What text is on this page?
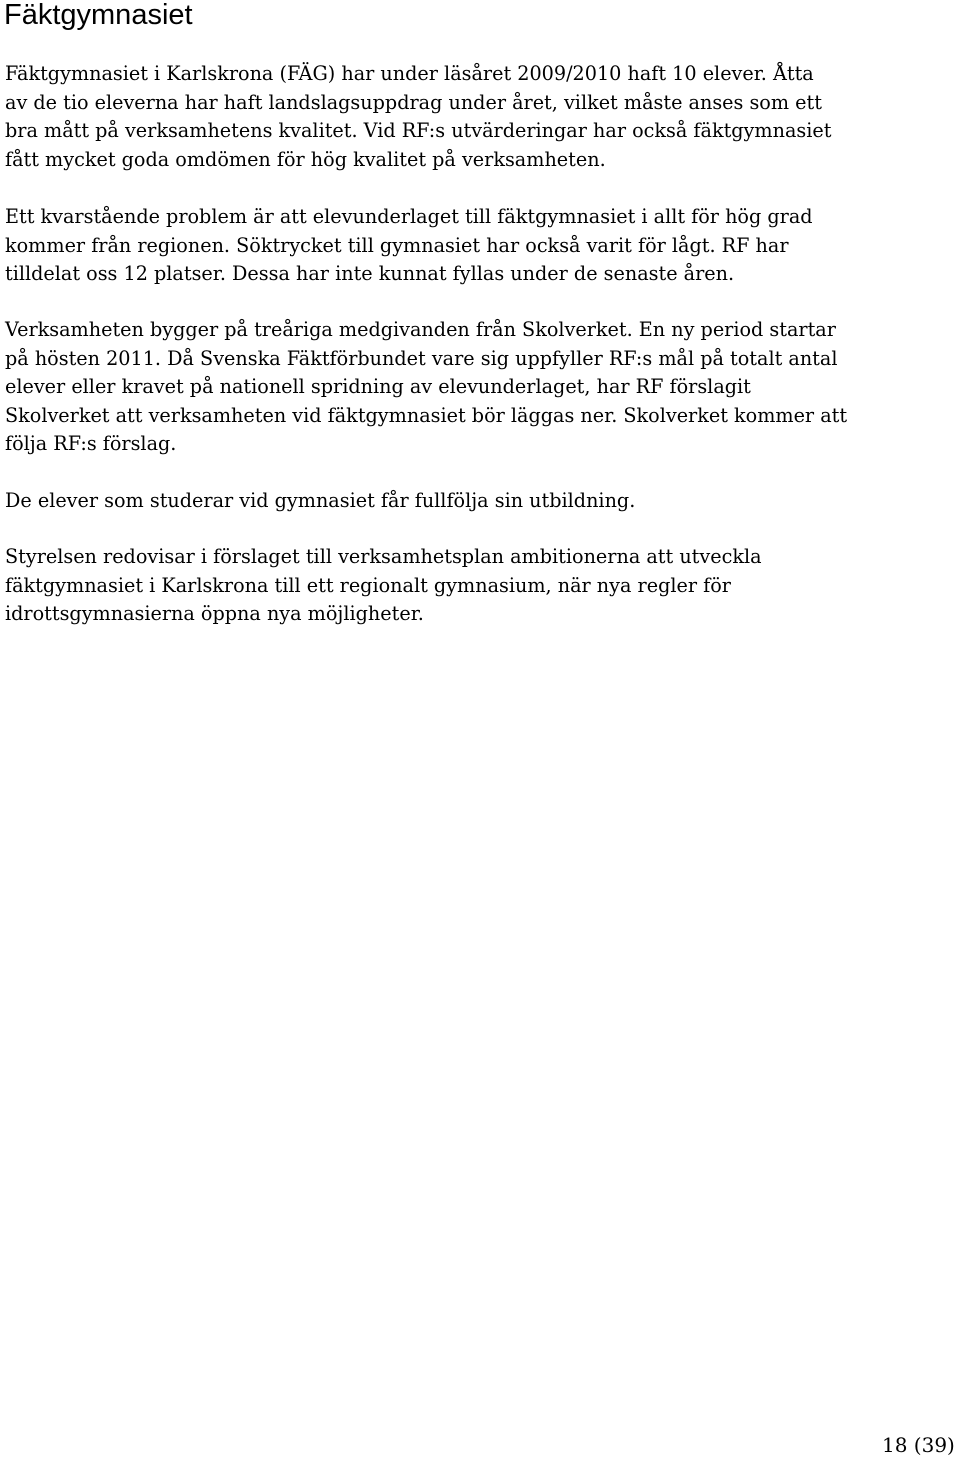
Fäktgymnasiet

Fäktgymnasiet i Karlskrona (FÄG) har under läsåret 2009/2010 haft 10 elever. Åtta
av de tio eleverna har haft landslagsuppdrag under året, vilket måste anses som ett
bra mått på verksamhetens kvalitet. Vid RF:s utvärderingar har också fäktgymnasiet
fått mycket goda omdömen för hög kvalitet på verksamheten.

Ett kvarstående problem är att elevunderlaget till fäktgymnasiet i allt för hög grad
kommer från regionen. Söktrycket till gymnasiet har också varit för lågt. RF har
tilldelat oss 12 platser. Dessa har inte kunnat fyllas under de senaste åren.

Verksamheten bygger på treåriga medgivanden från Skolverket. En ny period startar
på hösten 2011. Då Svenska Fäktförbundet vare sig uppfyller RF:s mål på totalt antal
elever eller kravet på nationell spridning av elevunderlaget, har RF förslagit
Skolverket att verksamheten vid fäktgymnasiet bör läggas ner. Skolverket kommer att
följa RF:s förslag.

De elever som studerar vid gymnasiet får fullfölja sin utbildning.

Styrelsen redovisar i förslaget till verksamhetsplan ambitionerna att utveckla
fäktgymnasiet i Karlskrona till ett regionalt gymnasium, när nya regler för
idrottsgymnasierna öppna nya möjligheter.

18 (39)
